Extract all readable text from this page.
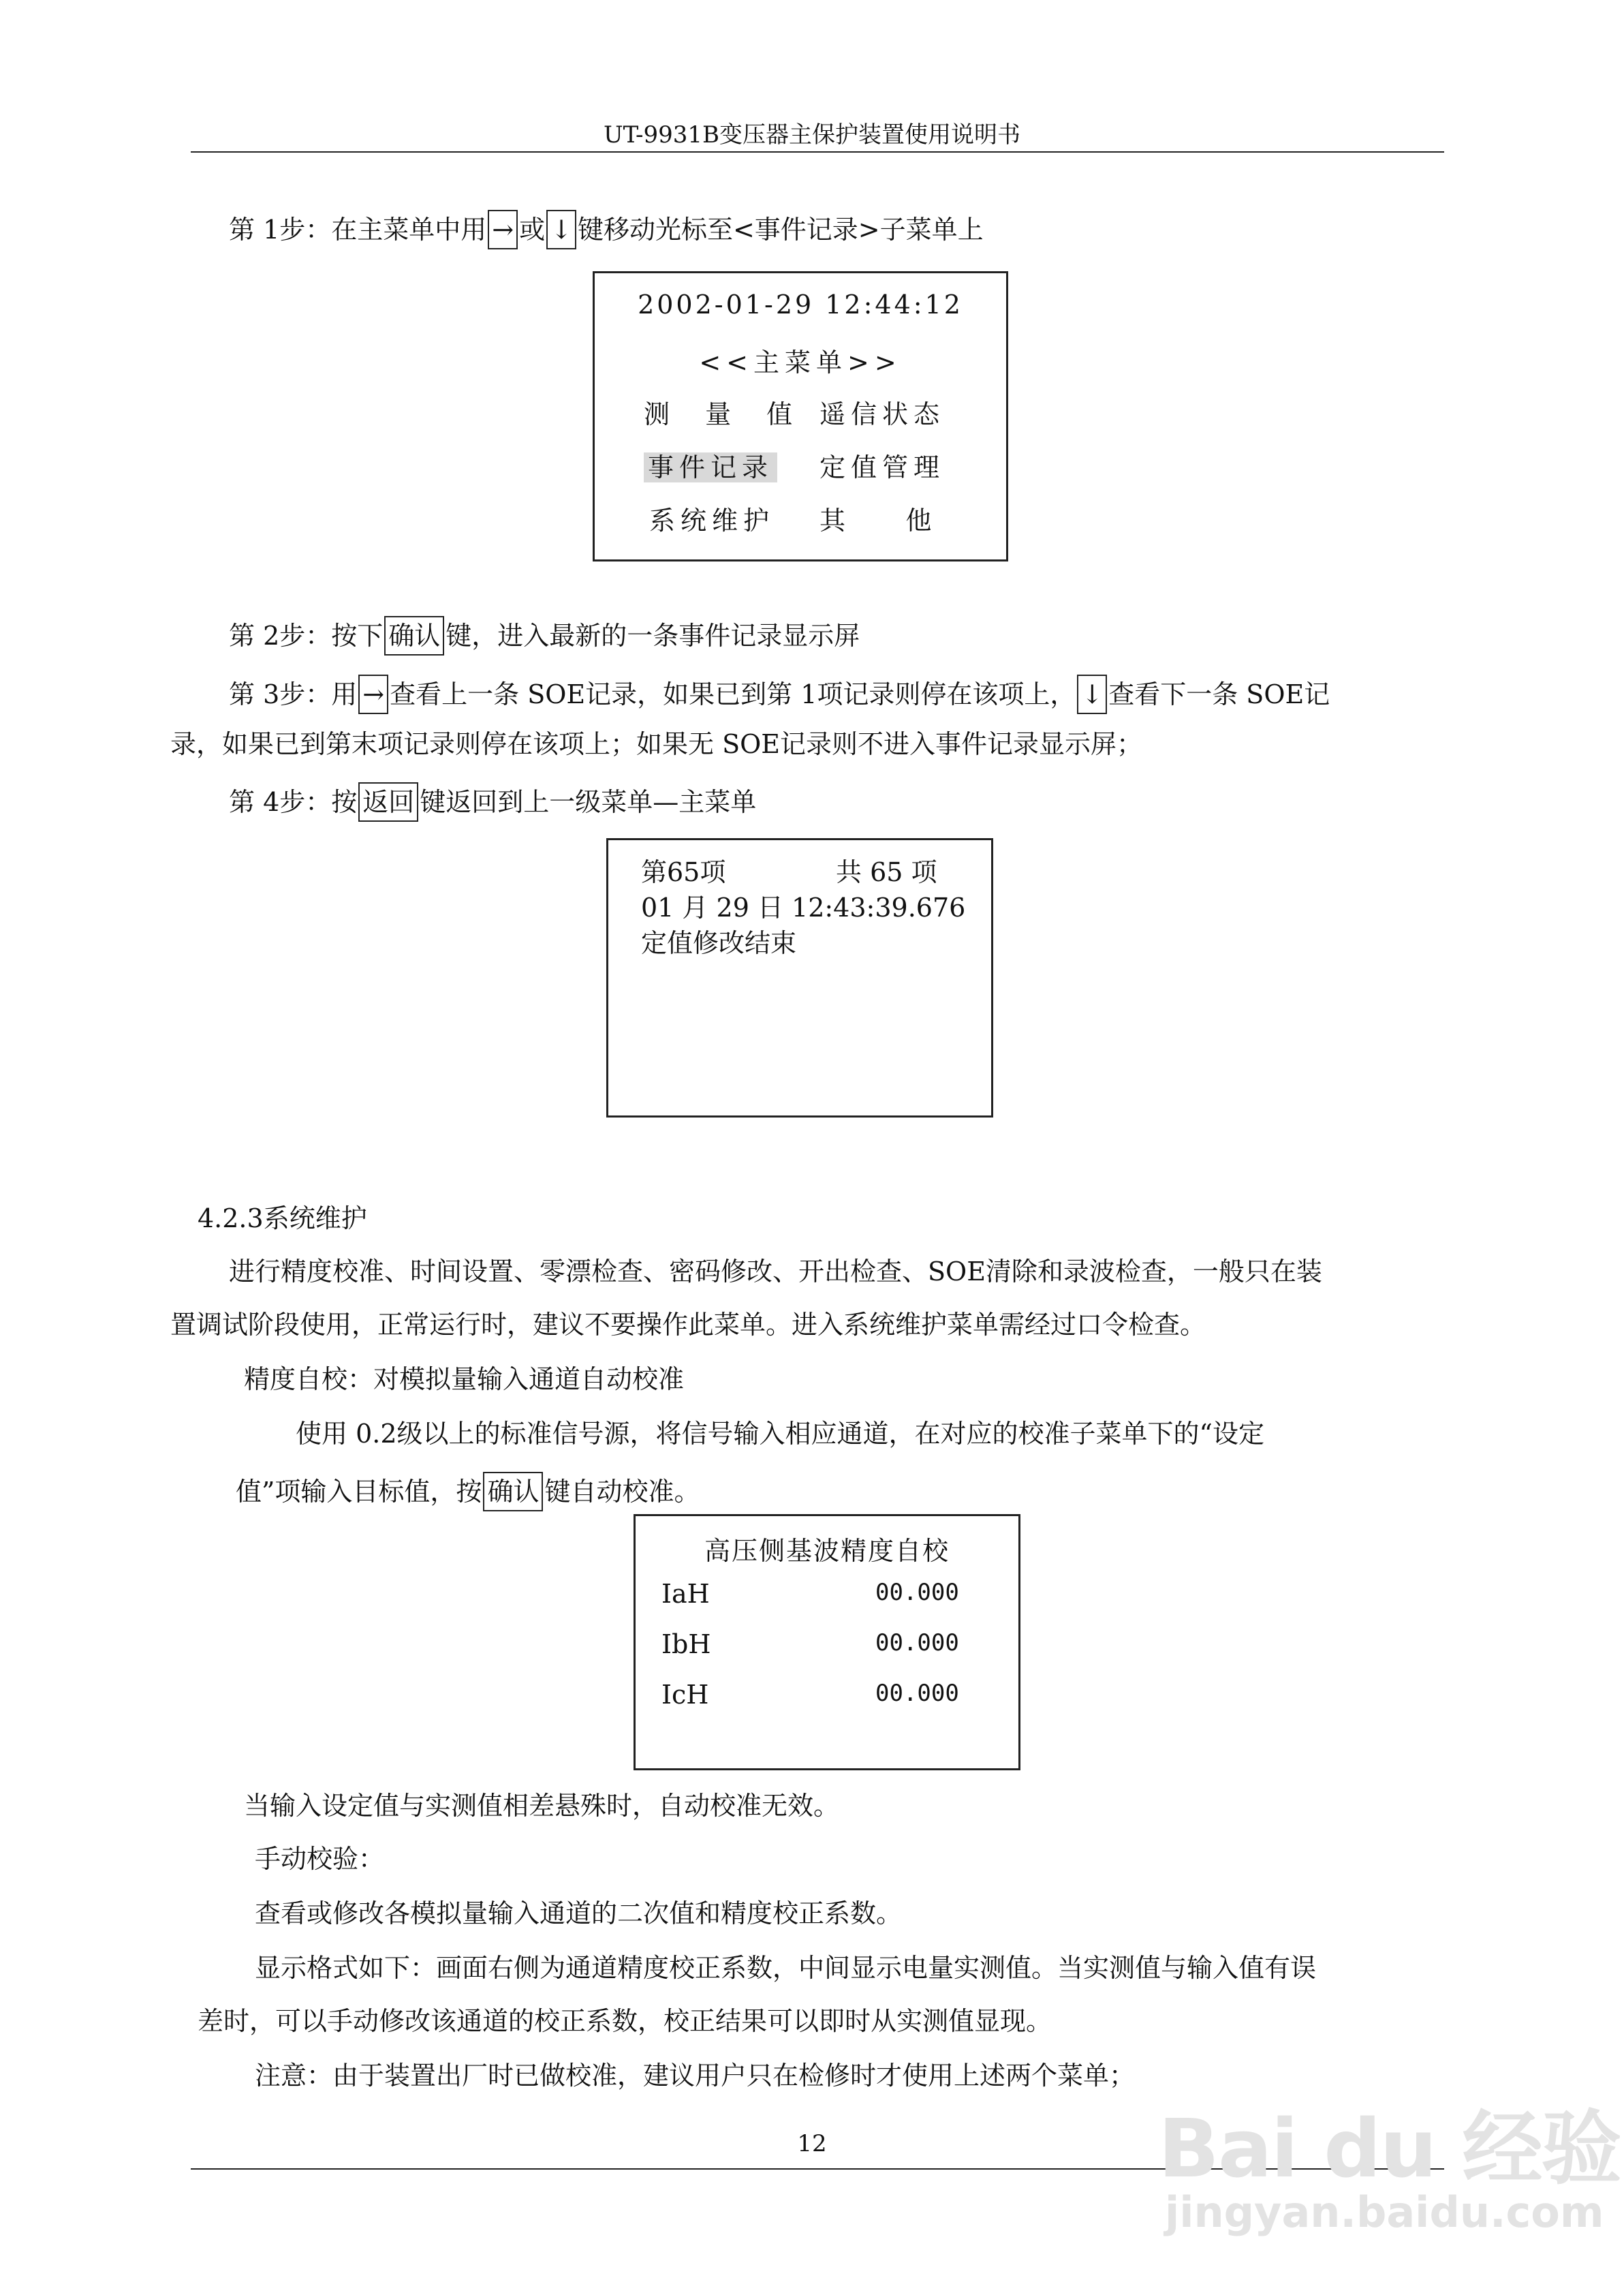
UT-9931B变压器主保护装置使用说明书
第 1步：在主菜单中用 → 或 ↓ 键移动光标至<事件记录>子菜单上
2002-01-29 12:44:12
<<主菜单>>
测 量 值 遥信状态
事件记录 定值管理
系统维护 其    他
第 2步：按下 确认 键，进入最新的一条事件记录显示屏
第 3步：用 → 查看上一条 SOE记录，如果已到第 1项记录则停在该项上， ↓ 查看下一条 SOE记
录，如果已到第末项记录则停在该项上；如果无 SOE记录则不进入事件记录显示屏；
第 4步：按 返回 键返回到上一级菜单—主菜单
第65项	共 65 项
01 月 29 日 12:43:39.676
定值修改结束
4.2.3系统维护
进行精度校准、时间设置、零漂检查、密码修改、开出检查、SOE清除和录波检查，一般只在装
置调试阶段使用，正常运行时，建议不要操作此菜单。进入系统维护菜单需经过口令检查。
精度自校：对模拟量输入通道自动校准
使用 0.2级以上的标准信号源，将信号输入相应通道，在对应的校准子菜单下的“设定
值”项输入目标值，按 确认 键自动校准。
高压侧基波精度自校
IaH	00.000
IbH	00.000
IcH	00.000
当输入设定值与实测值相差悬殊时，自动校准无效。
手动校验：
查看或修改各模拟量输入通道的二次值和精度校正系数。
显示格式如下：画面右侧为通道精度校正系数，中间显示电量实测值。当实测值与输入值有误
差时，可以手动修改该通道的校正系数，校正结果可以即时从实测值显现。
注意：由于装置出厂时已做校准，建议用户只在检修时才使用上述两个菜单；
12	Bai du 经验
jingyan.baidu.com
